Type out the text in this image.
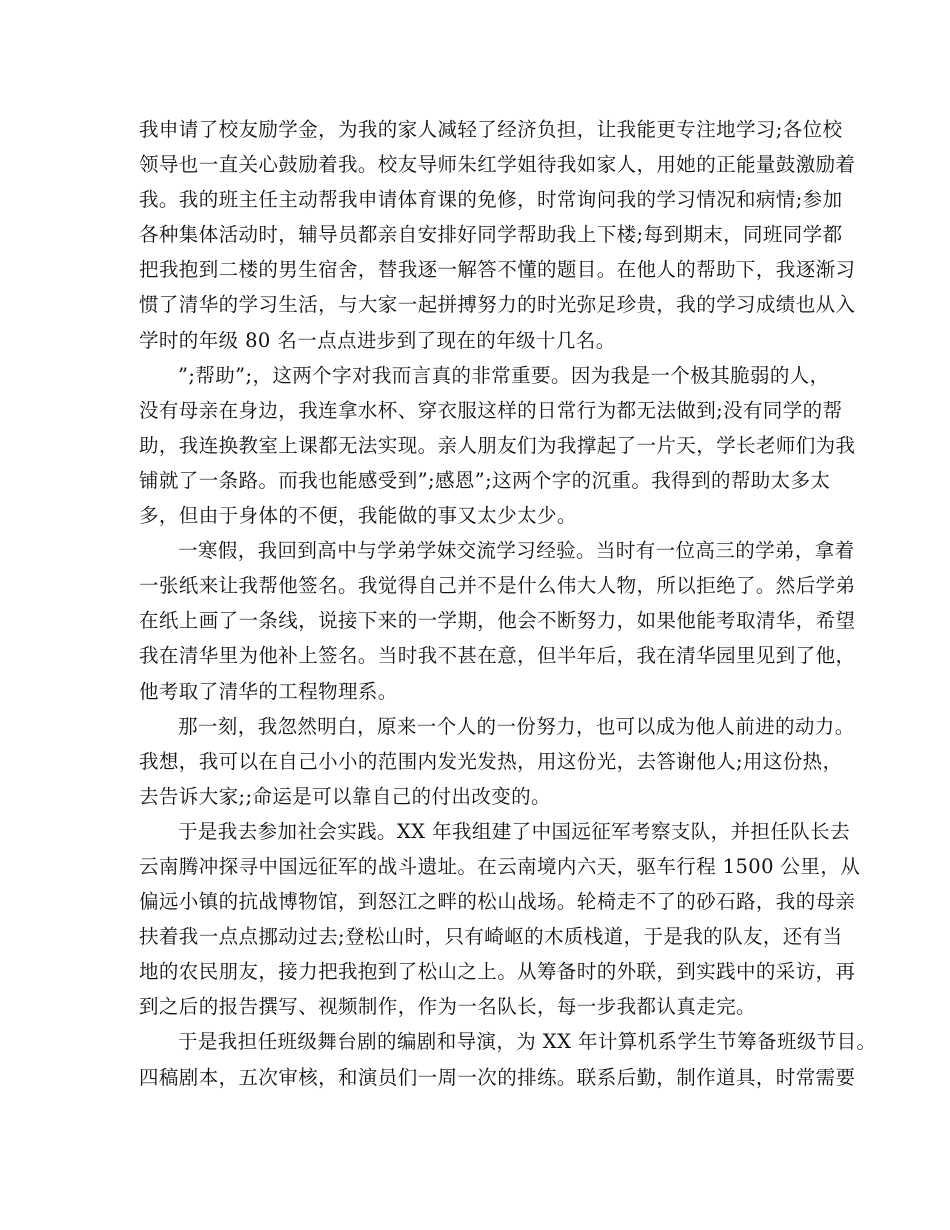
我申请了校友励学金，为我的家人减轻了经济负担，让我能更专注地学习;各位校
领导也一直关心鼓励着我。校友导师朱红学姐待我如家人，用她的正能量鼓激励着
我。我的班主任主动帮我申请体育课的免修，时常询问我的学习情况和病情;参加
各种集体活动时，辅导员都亲自安排好同学帮助我上下楼;每到期末，同班同学都
把我抱到二楼的男生宿舍，替我逐一解答不懂的题目。在他人的帮助下，我逐渐习
惯了清华的学习生活，与大家一起拼搏努力的时光弥足珍贵，我的学习成绩也从入
学时的年级 80 名一点点进步到了现在的年级十几名。
”;帮助”;，这两个字对我而言真的非常重要。因为我是一个极其脆弱的人，
没有母亲在身边，我连拿水杯、穿衣服这样的日常行为都无法做到;没有同学的帮
助，我连换教室上课都无法实现。亲人朋友们为我撑起了一片天，学长老师们为我
铺就了一条路。而我也能感受到”;感恩”;这两个字的沉重。我得到的帮助太多太
多，但由于身体的不便，我能做的事又太少太少。
一寒假，我回到高中与学弟学妹交流学习经验。当时有一位高三的学弟，拿着
一张纸来让我帮他签名。我觉得自己并不是什么伟大人物，所以拒绝了。然后学弟
在纸上画了一条线，说接下来的一学期，他会不断努力，如果他能考取清华，希望
我在清华里为他补上签名。当时我不甚在意，但半年后，我在清华园里见到了他，
他考取了清华的工程物理系。
那一刻，我忽然明白，原来一个人的一份努力，也可以成为他人前进的动力。
我想，我可以在自己小小的范围内发光发热，用这份光，去答谢他人;用这份热，
去告诉大家;;命运是可以靠自己的付出改变的。
于是我去参加社会实践。XX 年我组建了中国远征军考察支队，并担任队长去
云南腾冲探寻中国远征军的战斗遗址。在云南境内六天，驱车行程 1500 公里，从
偏远小镇的抗战博物馆，到怒江之畔的松山战场。轮椅走不了的砂石路，我的母亲
扶着我一点点挪动过去;登松山时，只有崎岖的木质栈道，于是我的队友，还有当
地的农民朋友，接力把我抱到了松山之上。从筹备时的外联，到实践中的采访，再
到之后的报告撰写、视频制作，作为一名队长，每一步我都认真走完。
于是我担任班级舞台剧的编剧和导演，为 XX 年计算机系学生节筹备班级节目。
四稿剧本，五次审核，和演员们一周一次的排练。联系后勤，制作道具，时常需要
